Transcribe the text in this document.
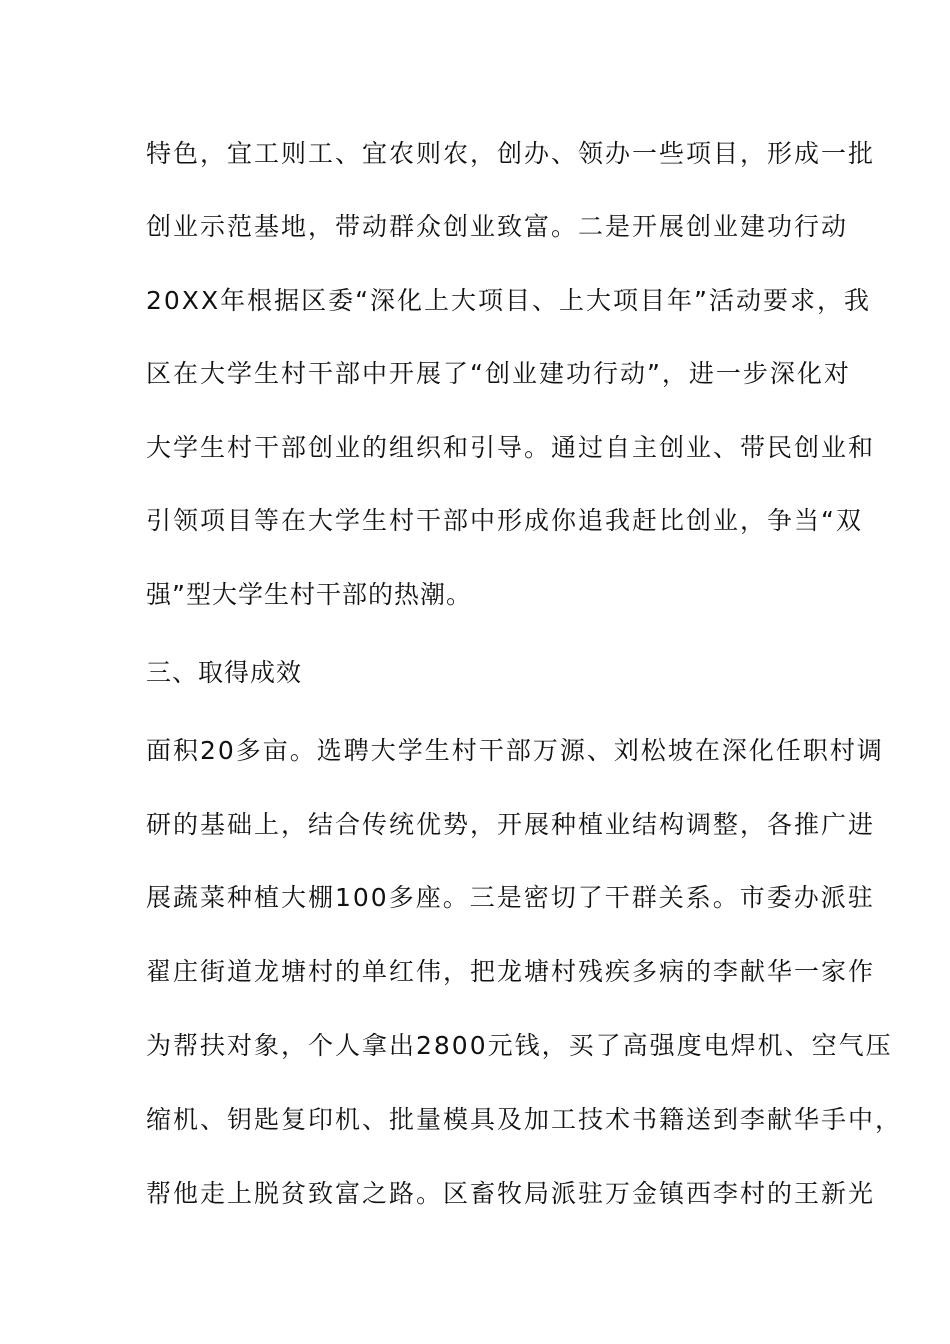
特色，宜工则工、宜农则农，创办、领办一些项目，形成一批
创业示范基地，带动群众创业致富。二是开展创业建功行动
20XX年根据区委“深化上大项目、上大项目年”活动要求，我
区在大学生村干部中开展了“创业建功行动”，进一步深化对
大学生村干部创业的组织和引导。通过自主创业、带民创业和
引领项目等在大学生村干部中形成你追我赶比创业，争当“双
强”型大学生村干部的热潮。
三、取得成效
面积20多亩。选聘大学生村干部万源、刘松坡在深化任职村调
研的基础上，结合传统优势，开展种植业结构调整，各推广进
展蔬菜种植大棚100多座。三是密切了干群关系。市委办派驻
翟庄街道龙塘村的单红伟，把龙塘村残疾多病的李献华一家作
为帮扶对象，个人拿出2800元钱，买了高强度电焊机、空气压
缩机、钥匙复印机、批量模具及加工技术书籍送到李献华手中，
帮他走上脱贫致富之路。区畜牧局派驻万金镇西李村的王新光
